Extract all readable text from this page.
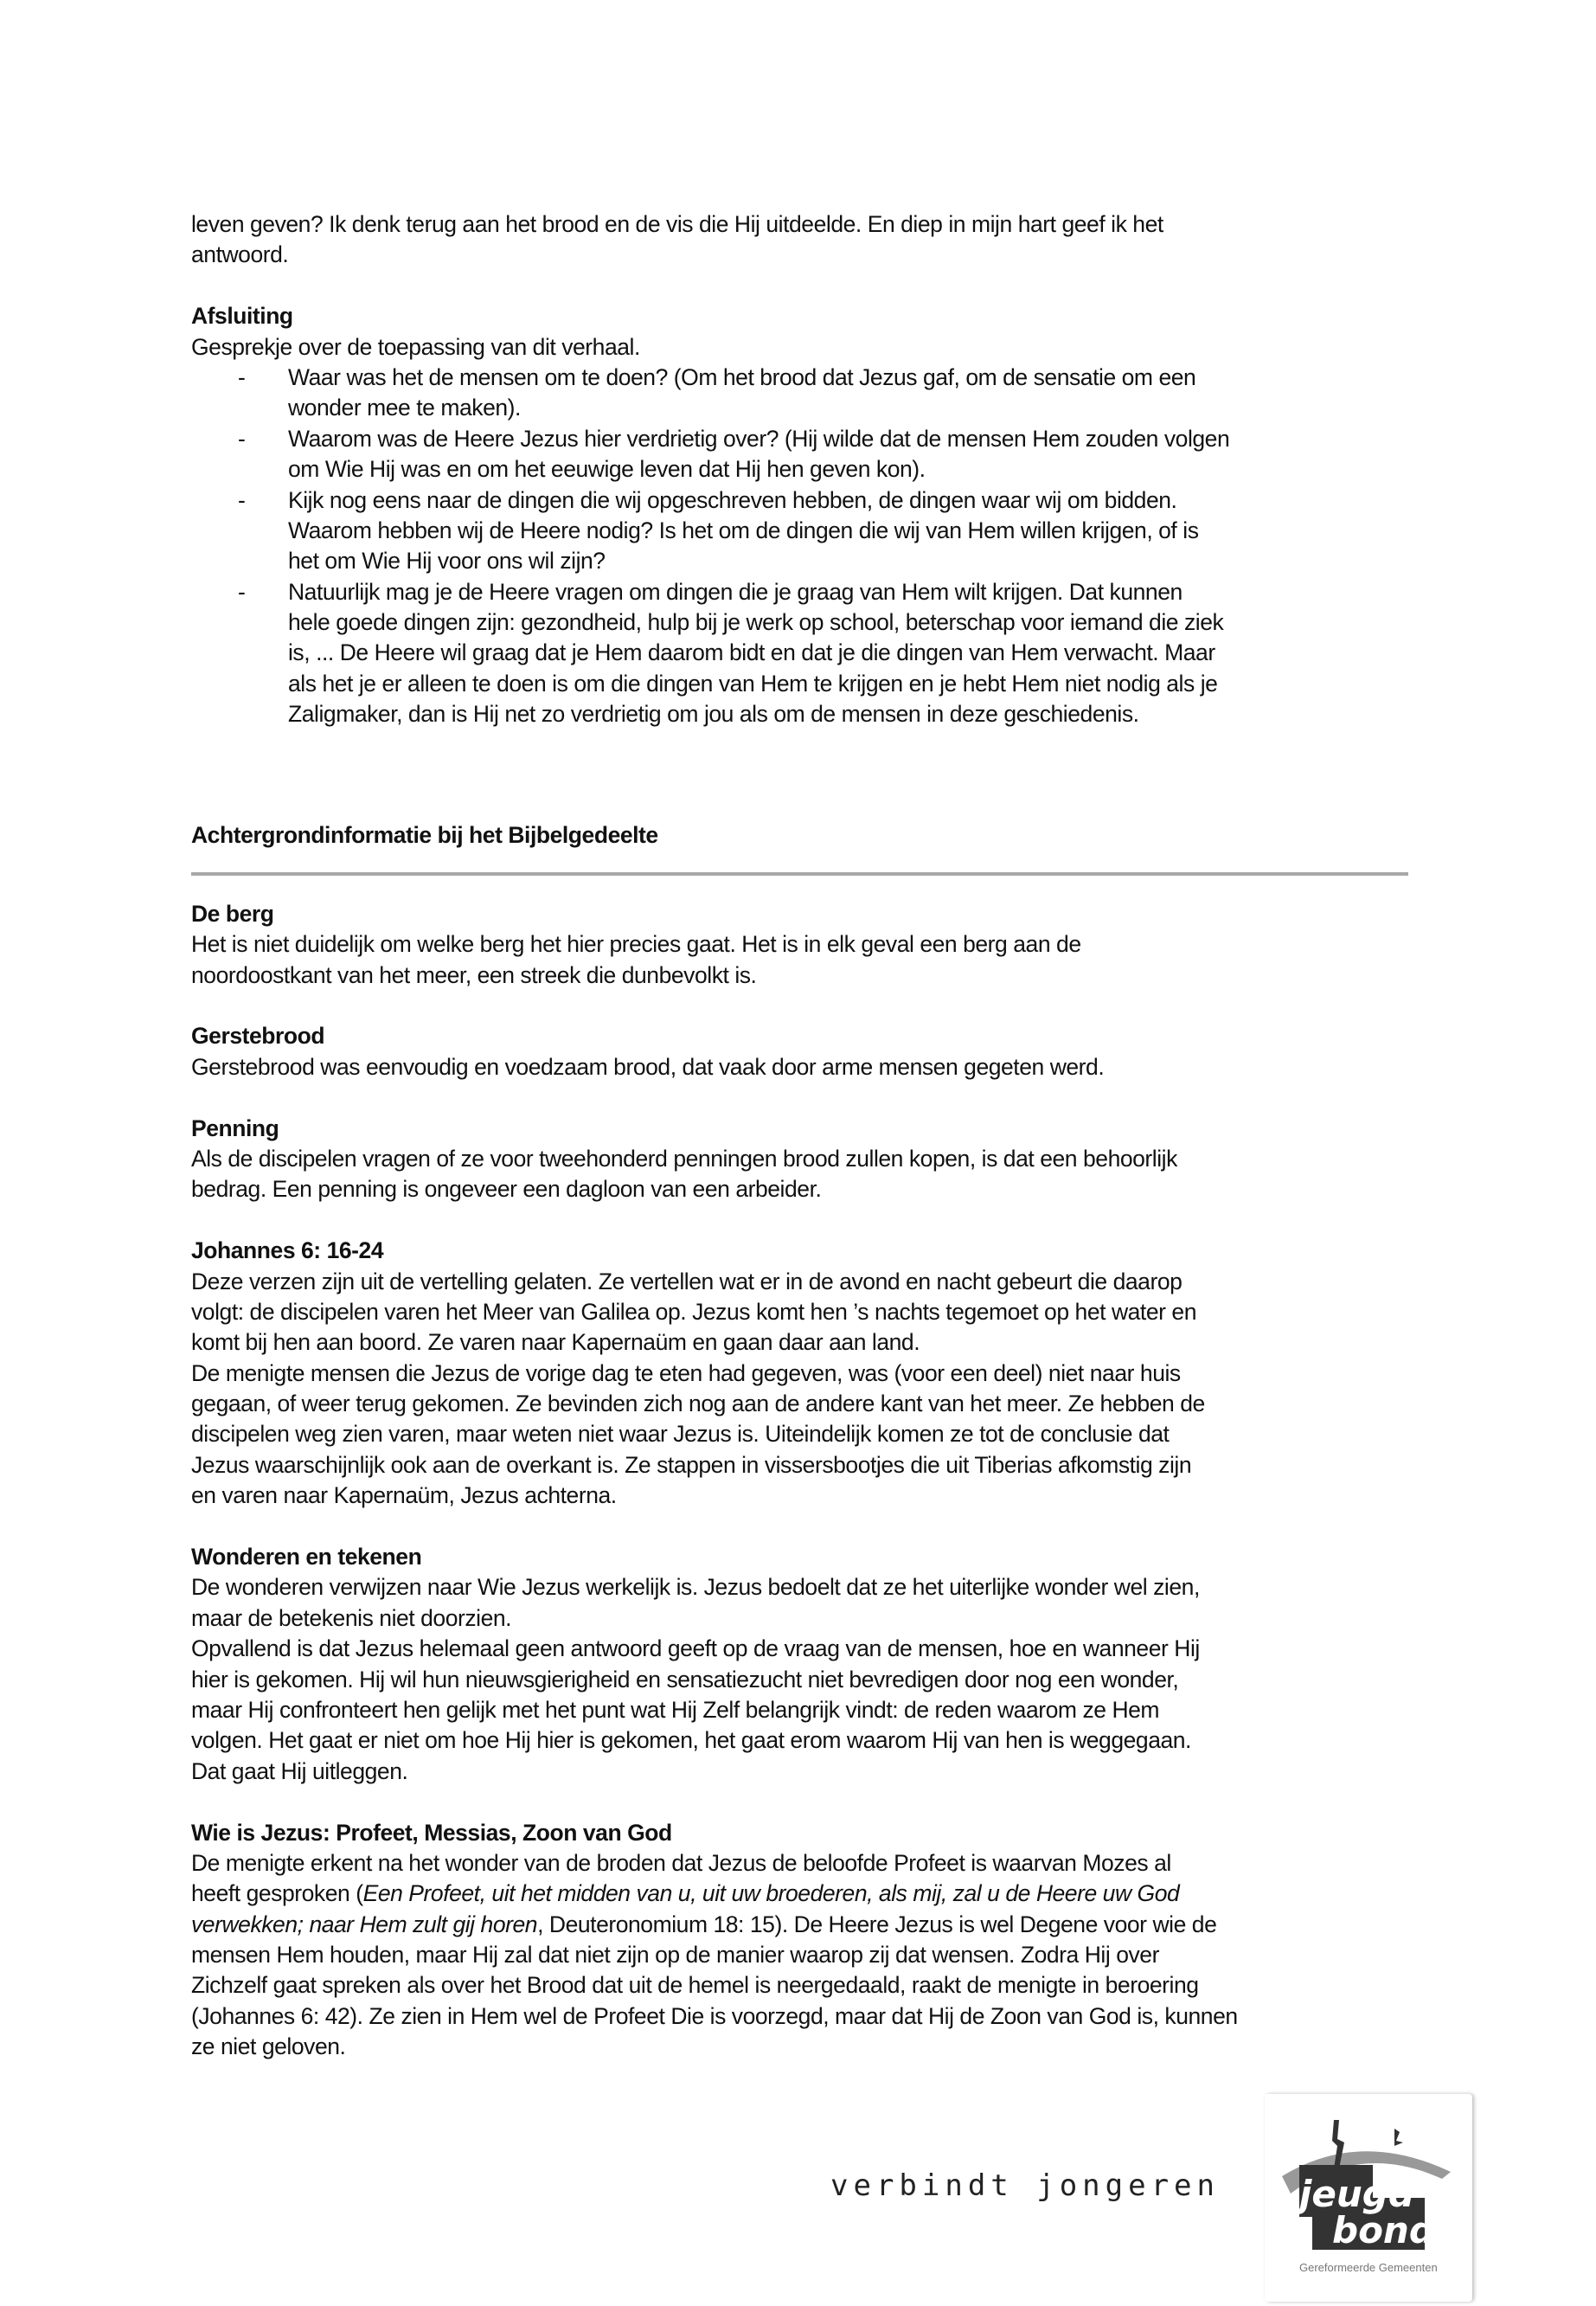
leven geven? Ik denk terug aan het brood en de vis die Hij uitdeelde. En diep in mijn hart geef ik het
antwoord.
Afsluiting
Gesprekje over de toepassing van dit verhaal.
- Waar was het de mensen om te doen? (Om het brood dat Jezus gaf, om de sensatie om een
wonder mee te maken).
- Waarom was de Heere Jezus hier verdrietig over? (Hij wilde dat de mensen Hem zouden volgen
om Wie Hij was en om het eeuwige leven dat Hij hen geven kon).
- Kijk nog eens naar de dingen die wij opgeschreven hebben, de dingen waar wij om bidden.
Waarom hebben wij de Heere nodig? Is het om de dingen die wij van Hem willen krijgen, of is
het om Wie Hij voor ons wil zijn?
- Natuurlijk mag je de Heere vragen om dingen die je graag van Hem wilt krijgen. Dat kunnen
hele goede dingen zijn: gezondheid, hulp bij je werk op school, beterschap voor iemand die ziek
is, ... De Heere wil graag dat je Hem daarom bidt en dat je die dingen van Hem verwacht. Maar
als het je er alleen te doen is om die dingen van Hem te krijgen en je hebt Hem niet nodig als je
Zaligmaker, dan is Hij net zo verdrietig om jou als om de mensen in deze geschiedenis.
Achtergrondinformatie bij het Bijbelgedeelte
De berg
Het is niet duidelijk om welke berg het hier precies gaat. Het is in elk geval een berg aan de
noordoostkant van het meer, een streek die dunbevolkt is.
Gerstebrood
Gerstebrood was eenvoudig en voedzaam brood, dat vaak door arme mensen gegeten werd.
Penning
Als de discipelen vragen of ze voor tweehonderd penningen brood zullen kopen, is dat een behoorlijk
bedrag. Een penning is ongeveer een dagloon van een arbeider.
Johannes 6: 16-24
Deze verzen zijn uit de vertelling gelaten. Ze vertellen wat er in de avond en nacht gebeurt die daarop
volgt: de discipelen varen het Meer van Galilea op. Jezus komt hen ’s nachts tegemoet op het water en
komt bij hen aan boord. Ze varen naar Kapernaüm en gaan daar aan land.
De menigte mensen die Jezus de vorige dag te eten had gegeven, was (voor een deel) niet naar huis
gegaan, of weer terug gekomen. Ze bevinden zich nog aan de andere kant van het meer. Ze hebben de
discipelen weg zien varen, maar weten niet waar Jezus is. Uiteindelijk komen ze tot de conclusie dat
Jezus waarschijnlijk ook aan de overkant is. Ze stappen in vissersbootjes die uit Tiberias afkomstig zijn
en varen naar Kapernaüm, Jezus achterna.
Wonderen en tekenen
De wonderen verwijzen naar Wie Jezus werkelijk is. Jezus bedoelt dat ze het uiterlijke wonder wel zien,
maar de betekenis niet doorzien.
Opvallend is dat Jezus helemaal geen antwoord geeft op de vraag van de mensen, hoe en wanneer Hij
hier is gekomen. Hij wil hun nieuwsgierigheid en sensatiezucht niet bevredigen door nog een wonder,
maar Hij confronteert hen gelijk met het punt wat Hij Zelf belangrijk vindt: de reden waarom ze Hem
volgen. Het gaat er niet om hoe Hij hier is gekomen, het gaat erom waarom Hij van hen is weggegaan.
Dat gaat Hij uitleggen.
Wie is Jezus: Profeet, Messias, Zoon van God
De menigte erkent na het wonder van de broden dat Jezus de beloofde Profeet is waarvan Mozes al
heeft gesproken (Een Profeet, uit het midden van u, uit uw broederen, als mij, zal u de Heere uw God
verwekken; naar Hem zult gij horen, Deuteronomium 18: 15). De Heere Jezus is wel Degene voor wie de
mensen Hem houden, maar Hij zal dat niet zijn op de manier waarop zij dat wensen. Zodra Hij over
Zichzelf gaat spreken als over het Brood dat uit de hemel is neergedaald, raakt de menigte in beroering
(Johannes 6: 42). Ze zien in Hem wel de Profeet Die is voorzegd, maar dat Hij de Zoon van God is, kunnen
ze niet geloven.
verbindt jongeren jeugd
bond
Gereformeerde Gemeenten
